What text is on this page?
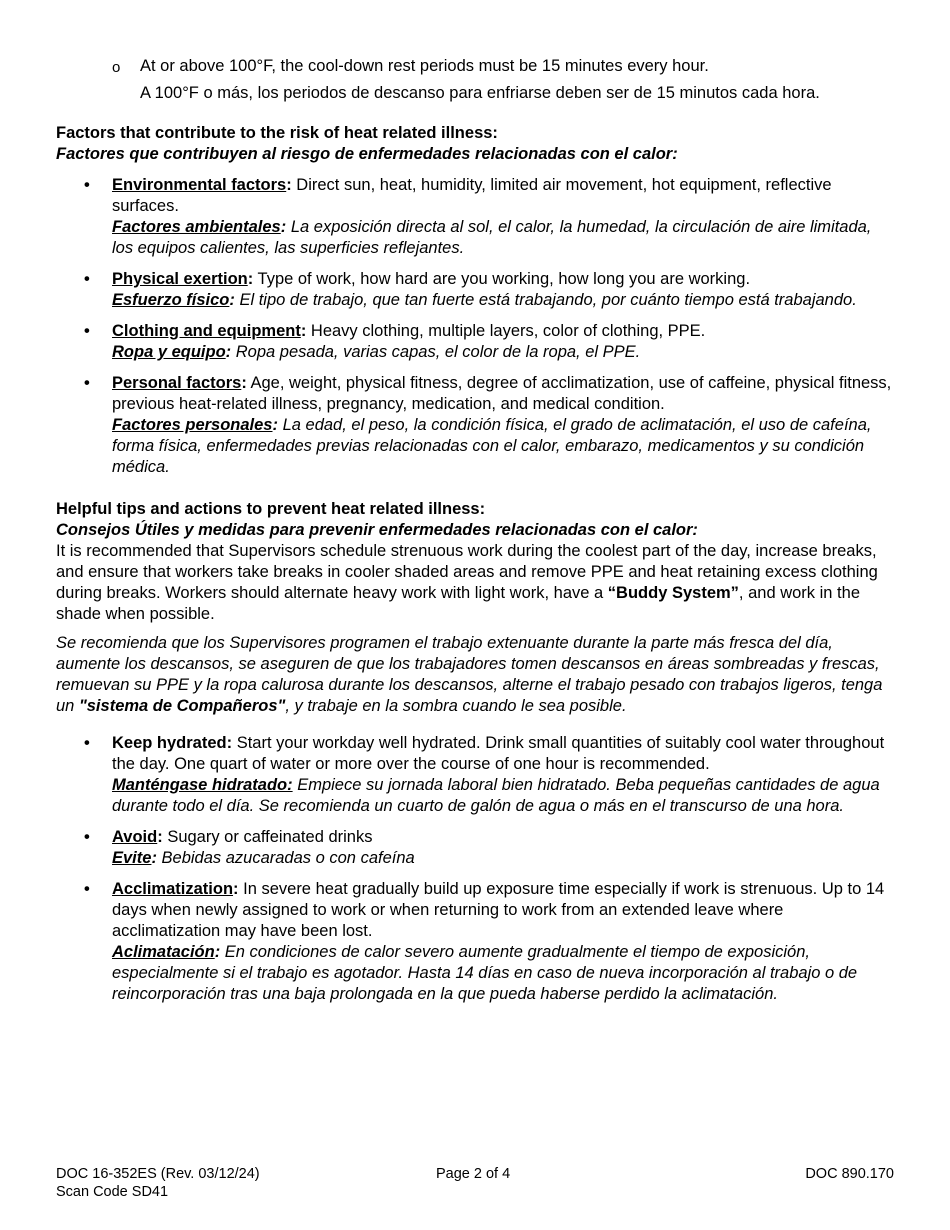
o At or above 100°F, the cool-down rest periods must be 15 minutes every hour.

A 100°F o más, los periodos de descanso para enfriarse deben ser de 15 minutos cada hora.

Factors that contribute to the risk of heat related illness:
Factores que contribuyen al riesgo de enfermedades relacionadas con el calor:
• Environmental factors: Direct sun, heat, humidity, limited air movement, hot equipment, reflective surfaces.
Factores ambientales: La exposición directa al sol, el calor, la humedad, la circulación de aire limitada, los equipos calientes, las superficies reflejantes.
• Physical exertion: Type of work, how hard are you working, how long you are working.
Esfuerzo físico: El tipo de trabajo, que tan fuerte está trabajando, por cuánto tiempo está trabajando.
• Clothing and equipment: Heavy clothing, multiple layers, color of clothing, PPE.
Ropa y equipo: Ropa pesada, varias capas, el color de la ropa, el PPE.
• Personal factors: Age, weight, physical fitness, degree of acclimatization, use of caffeine, physical fitness, previous heat-related illness, pregnancy, medication, and medical condition.
Factores personales: La edad, el peso, la condición física, el grado de aclimatación, el uso de cafeína, forma física, enfermedades previas relacionadas con el calor, embarazo, medicamentos y su condición médica.
Helpful tips and actions to prevent heat related illness:
Consejos Útiles y medidas para prevenir enfermedades relacionadas con el calor:

It is recommended that Supervisors schedule strenuous work during the coolest part of the day, increase breaks, and ensure that workers take breaks in cooler shaded areas and remove PPE and heat retaining excess clothing during breaks. Workers should alternate heavy work with light work, have a “Buddy System”, and work in the shade when possible.

Se recomienda que los Supervisores programen el trabajo extenuante durante la parte más fresca del día, aumente los descansos, se aseguren de que los trabajadores tomen descansos en áreas sombreadas y frescas, remuevan su PPE y la ropa calurosa durante los descansos, alterne el trabajo pesado con trabajos ligeros, tenga un "sistema de Compañeros", y trabaje en la sombra cuando le sea posible.

• Keep hydrated: Start your workday well hydrated. Drink small quantities of suitably cool water throughout the day. One quart of water or more over the course of one hour is recommended.
Manténgase hidratado: Empiece su jornada laboral bien hidratado. Beba pequeñas cantidades de agua durante todo el día. Se recomienda un cuarto de galón de agua o más en el transcurso de una hora.
• Avoid: Sugary or caffeinated drinks
Evite: Bebidas azucaradas o con cafeína
• Acclimatization: In severe heat gradually build up exposure time especially if work is strenuous. Up to 14 days when newly assigned to work or when returning to work from an extended leave where acclimatization may have been lost.
Aclimatación: En condiciones de calor severo aumente gradualmente el tiempo de exposición, especialmente si el trabajo es agotador. Hasta 14 días en caso de nueva incorporación al trabajo o de reincorporación tras una baja prolongada en la que pueda haberse perdido la aclimatación.
DOC 16-352ES (Rev. 03/12/24)
Scan Code SD41
Page 2 of 4	DOC 890.170
